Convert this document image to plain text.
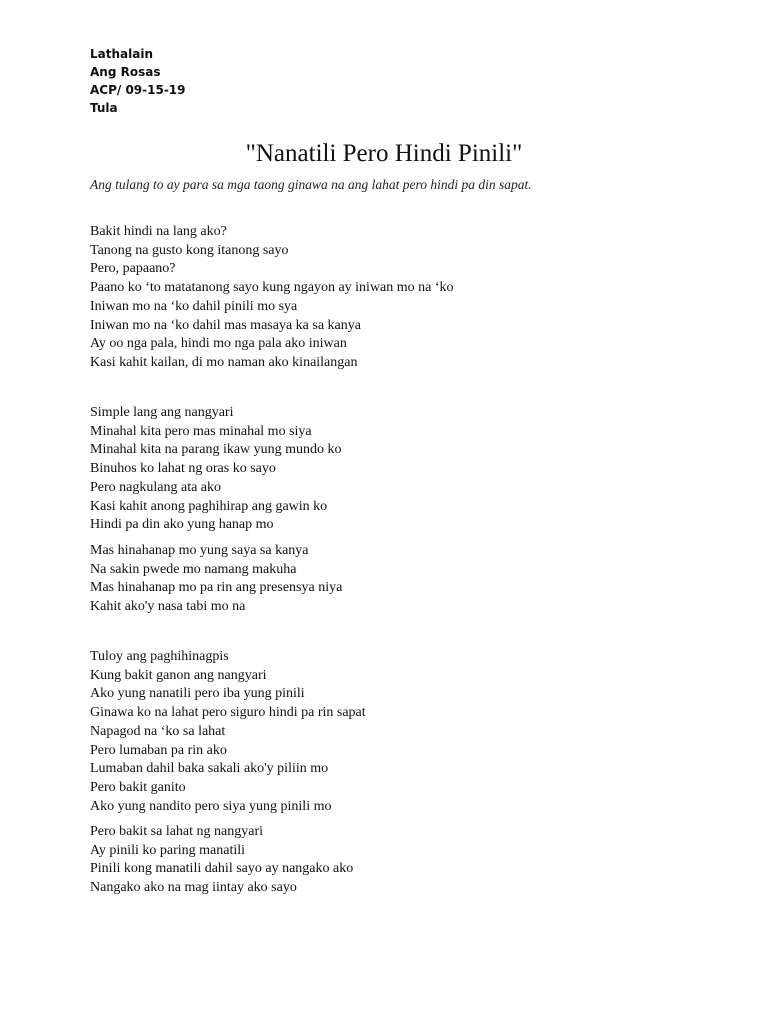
Lathalain
Ang Rosas
ACP/ 09-15-19
Tula
"Nanatili Pero Hindi Pinili"
Ang tulang to ay para sa mga taong ginawa na ang lahat pero hindi pa din sapat.
Bakit hindi na lang ako?
Tanong na gusto kong itanong sayo
Pero, papaano?
Paano ko ‘to matatanong sayo kung ngayon ay iniwan mo na ‘ko
Iniwan mo na ‘ko dahil pinili mo sya
Iniwan mo na ‘ko dahil mas masaya ka sa kanya
Ay oo nga pala, hindi mo nga pala ako iniwan
Kasi kahit kailan, di mo naman ako kinailangan
Simple lang ang nangyari
Minahal kita pero mas minahal mo siya
Minahal kita na parang ikaw yung mundo ko
Binuhos ko lahat ng oras ko sayo
Pero nagkulang ata ako
Kasi kahit anong paghihirap ang gawin ko
Hindi pa din ako yung hanap mo
Mas hinahanap mo yung saya sa kanya
Na sakin pwede mo namang makuha
Mas hinahanap mo pa rin ang presensya niya
Kahit ako'y nasa tabi mo na
Tuloy ang paghihinagpis
Kung bakit ganon ang nangyari
Ako yung nanatili pero iba yung pinili
Ginawa ko na lahat pero siguro hindi pa rin sapat
Napagod na ‘ko sa lahat
Pero lumaban pa rin ako
Lumaban dahil baka sakali ako'y piliin mo
Pero bakit ganito
Ako yung nandito pero siya yung pinili mo
Pero bakit sa lahat ng nangyari
Ay pinili ko paring manatili
Pinili kong manatili dahil sayo ay nangako ako
Nangako ako na mag iintay ako sayo
